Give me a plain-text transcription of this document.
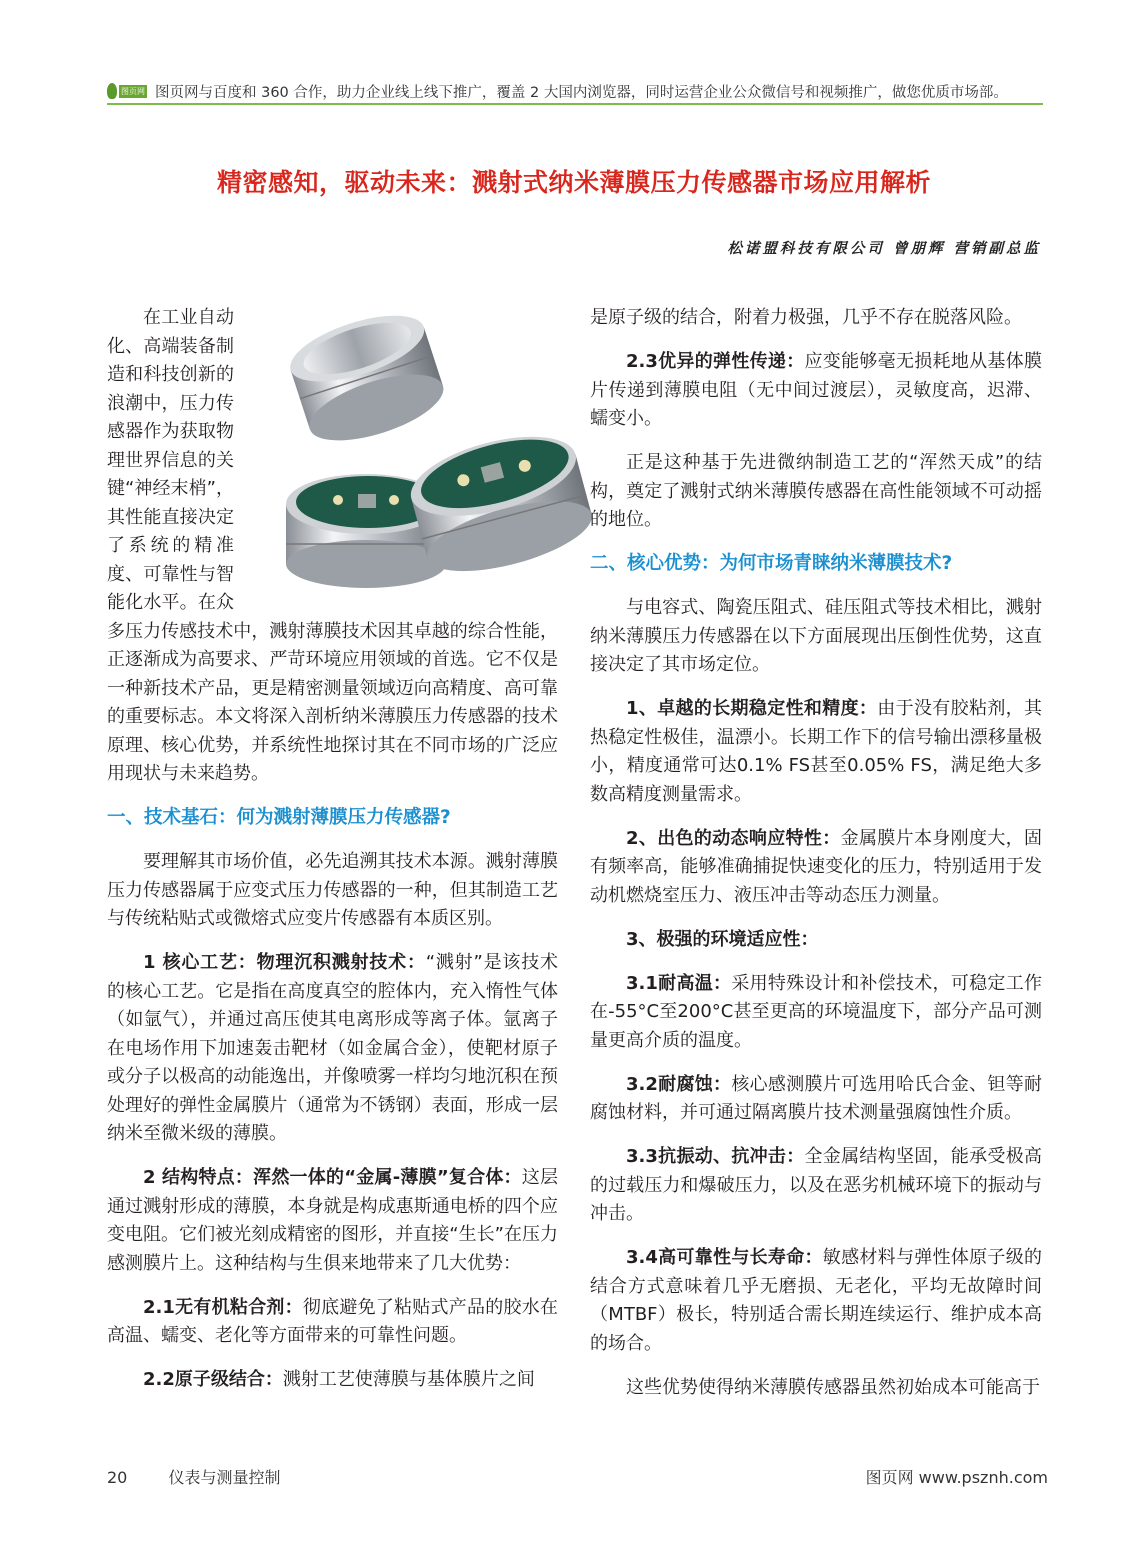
图页网 图页网与百度和 360 合作，助力企业线上线下推广，覆盖 2 大国内浏览器，同时运营企业公众微信号和视频推广，做您优质市场部。
精密感知，驱动未来：溅射式纳米薄膜压力传感器市场应用解析
松诺盟科技有限公司 曾朋辉 营销副总监

在工业自动化、高端装备制造和科技创新的浪潮中，压力传感器作为获取物理世界信息的关键“神经末梢”，其性能直接决定了系统的精准度、可靠性与智能化水平。在众多压力传感技术中，溅射薄膜技术因其卓越的综合性能，正逐渐成为高要求、严苛环境应用领域的首选。它不仅是一种新技术产品，更是精密测量领域迈向高精度、高可靠的重要标志。本文将深入剖析纳米薄膜压力传感器的技术原理、核心优势，并系统性地探讨其在不同市场的广泛应用现状与未来趋势。

一、技术基石：何为溅射薄膜压力传感器?

要理解其市场价值，必先追溯其技术本源。溅射薄膜压力传感器属于应变式压力传感器的一种，但其制造工艺与传统粘贴式或微熔式应变片传感器有本质区别。

1 核心工艺：物理沉积溅射技术：“溅射”是该技术的核心工艺。它是指在高度真空的腔体内，充入惰性气体（如氩气），并通过高压使其电离形成等离子体。氩离子在电场作用下加速轰击靶材（如金属合金），使靶材原子或分子以极高的动能逸出，并像喷雾一样均匀地沉积在预处理好的弹性金属膜片（通常为不锈钢）表面，形成一层纳米至微米级的薄膜。

2 结构特点：浑然一体的“金属-薄膜”复合体：这层通过溅射形成的薄膜，本身就是构成惠斯通电桥的四个应变电阻。它们被光刻成精密的图形，并直接“生长”在压力感测膜片上。这种结构与生俱来地带来了几大优势：

2.1无有机粘合剂：彻底避免了粘贴式产品的胶水在高温、蠕变、老化等方面带来的可靠性问题。

2.2原子级结合：溅射工艺使薄膜与基体膜片之间

是原子级的结合，附着力极强，几乎不存在脱落风险。

2.3优异的弹性传递：应变能够毫无损耗地从基体膜片传递到薄膜电阻（无中间过渡层），灵敏度高，迟滞、蠕变小。

正是这种基于先进微纳制造工艺的“浑然天成”的结构，奠定了溅射式纳米薄膜传感器在高性能领域不可动摇的地位。

二、核心优势：为何市场青睐纳米薄膜技术?

与电容式、陶瓷压阻式、硅压阻式等技术相比，溅射纳米薄膜压力传感器在以下方面展现出压倒性优势，这直接决定了其市场定位。

1、卓越的长期稳定性和精度：由于没有胶粘剂，其热稳定性极佳，温漂小。长期工作下的信号输出漂移量极小，精度通常可达0.1% FS甚至0.05% FS，满足绝大多数高精度测量需求。

2、出色的动态响应特性：金属膜片本身刚度大，固有频率高，能够准确捕捉快速变化的压力，特别适用于发动机燃烧室压力、液压冲击等动态压力测量。

3、极强的环境适应性：

3.1耐高温：采用特殊设计和补偿技术，可稳定工作在-55°C至200°C甚至更高的环境温度下，部分产品可测量更高介质的温度。

3.2耐腐蚀：核心感测膜片可选用哈氏合金、钽等耐腐蚀材料，并可通过隔离膜片技术测量强腐蚀性介质。

3.3抗振动、抗冲击：全金属结构坚固，能承受极高的过载压力和爆破压力，以及在恶劣机械环境下的振动与冲击。

3.4高可靠性与长寿命：敏感材料与弹性体原子级的结合方式意味着几乎无磨损、无老化，平均无故障时间（MTBF）极长，特别适合需长期连续运行、维护成本高的场合。

这些优势使得纳米薄膜传感器虽然初始成本可能高于

20	仪表与测量控制	图页网 www.psznh.com
